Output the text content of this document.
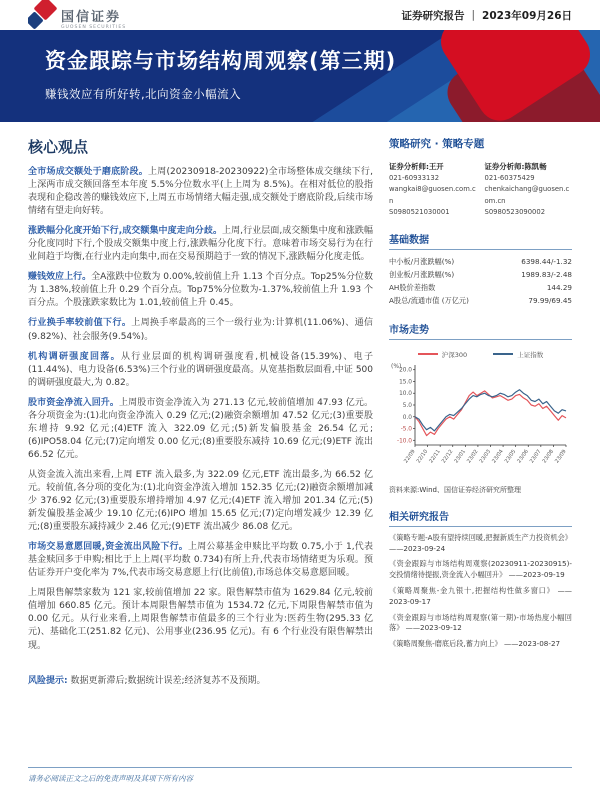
国信证券
GUOSEN SECURITIES
证券研究报告 | 2023年09月26日
资金跟踪与市场结构周观察(第三期)
赚钱效应有所好转,北向资金小幅流入
核心观点
全市场成交额处于磨底阶段。上周(20230918-20230922)全市场整体成交继续下行,上深两市成交额回落至本年度 5.5%分位数水平(上上周为 8.5%)。在相对低位的股指表现和企稳改善的赚钱效应下,上周五市场情绪大幅走强,成交额处于磨底阶段,后续市场情绪有望走向好转。
涨跌幅分化度开始下行,成交额集中度走向分歧。上周,行业层面,成交额集中度和涨跌幅分化度同时下行,个股成交额集中度上行,涨跌幅分化度下行。意味着市场交易行为在行业间趋于均衡,在行业内走向集中,而在交易预期趋于一致的情况下,涨跌幅分化度走低。
赚钱效应上行。全A涨跌中位数为 0.00%,较前值上升 1.13 个百分点。Top25%分位数为 1.38%,较前值上升 0.29 个百分点。Top75%分位数为-1.37%,较前值上升 1.93 个百分点。个股涨跌家数比为 1.01,较前值上升 0.45。
行业换手率较前值下行。上周换手率最高的三个一级行业为:计算机(11.06%)、通信(9.82%)、社会服务(9.54%)。
机构调研强度回落。从行业层面的机构调研强度看,机械设备(15.39%)、电子(11.44%)、电力设备(6.53%)三个行业的调研强度最高。从宽基指数层面看,中证 500 的调研强度最大,为 0.82。
股市资金净流入回升。上周股市资金净流入为 271.13 亿元,较前值增加 47.93 亿元。各分项资金为:(1)北向资金净流入 0.29 亿元;(2)融资余额增加 47.52 亿元;(3)重要股东增持 9.92 亿元;(4)ETF 流入 322.09 亿元;(5)新发偏股基金 26.54 亿元;(6)IPO58.04 亿元;(7)定向增发 0.00 亿元;(8)重要股东减持 10.69 亿元;(9)ETF 流出 66.52 亿元。
从资金流入流出来看,上周 ETF 流入最多,为 322.09 亿元,ETF 流出最多,为 66.52 亿元。较前值,各分项的变化为:(1)北向资金净流入增加 152.35 亿元;(2)融资余额增加减少 376.92 亿元;(3)重要股东增持增加 4.97 亿元;(4)ETF 流入增加 201.34 亿元;(5)新发偏股基金减少 19.10 亿元;(6)IPO 增加 15.65 亿元;(7)定向增发减少 12.39 亿元;(8)重要股东减持减少 2.46 亿元;(9)ETF 流出减少 86.08 亿元。
市场交易意愿回暖,资金流出风险下行。上周公募基金申赎比平均数 0.75,小于 1,代表基金赎回多于申购;相比于上上周(平均数 0.734)有所上升,代表市场情绪更为乐观。预估证券开户变化率为 7%,代表市场交易意愿上行(比前值),市场总体交易意愿回暖。
上周限售解禁家数为 121 家,较前值增加 22 家。限售解禁市值为 1629.84 亿元,较前值增加 660.85 亿元。预计本周限售解禁市值为 1534.72 亿元,下周限售解禁市值为 0.00 亿元。从行业来看,上周限售解禁市值最多的三个行业为:医药生物(295.33 亿元)、基础化工(251.82 亿元)、公用事业(236.95 亿元)。有 6 个行业没有限售解禁出现。
风险提示: 数据更新滞后;数据统计误差;经济复苏不及预期。
策略研究 · 策略专题
证券分析师:王开
021-60933132
wangkai8@guosen.com.cn
S0980521030001
证券分析师:陈凯畅
021-60375429
chenkaichang@guosen.com.cn
S0980523090002
基础数据
中小板/月涨跌幅(%)	6398.44/-1.32
创业板/月涨跌幅(%)	1989.83/-2.48
AH股价差指数	144.29
A股总/流通市值 (万亿元)	79.99/69.45
市场走势
沪深300	上证指数
(%)
20.0
15.0
10.0
5.0
0.0
-5.0
-10.0
22/09 22/10 22/11 22/12 23/01 23/02 23/03 23/04 23/05 23/06 23/07 23/08 23/09
资料来源:Wind、国信证券经济研究所整理
相关研究报告
《策略专题-A股有望持续回暖,把握新质生产力投资机会》 ——2023-09-24
《资金跟踪与市场结构周观察(20230911-20230915)-交投情绪待提振,资金流入小幅回升》 ——2023-09-19
《策略周聚焦-金九银十,把握结构性做多窗口》 ——2023-09-17
《资金跟踪与市场结构周观察(第一期)-市场热度小幅回落》 ——2023-09-12
《策略周聚焦-磨底后段,蓄力向上》 ——2023-08-27
请务必阅读正文之后的免责声明及其项下所有内容
